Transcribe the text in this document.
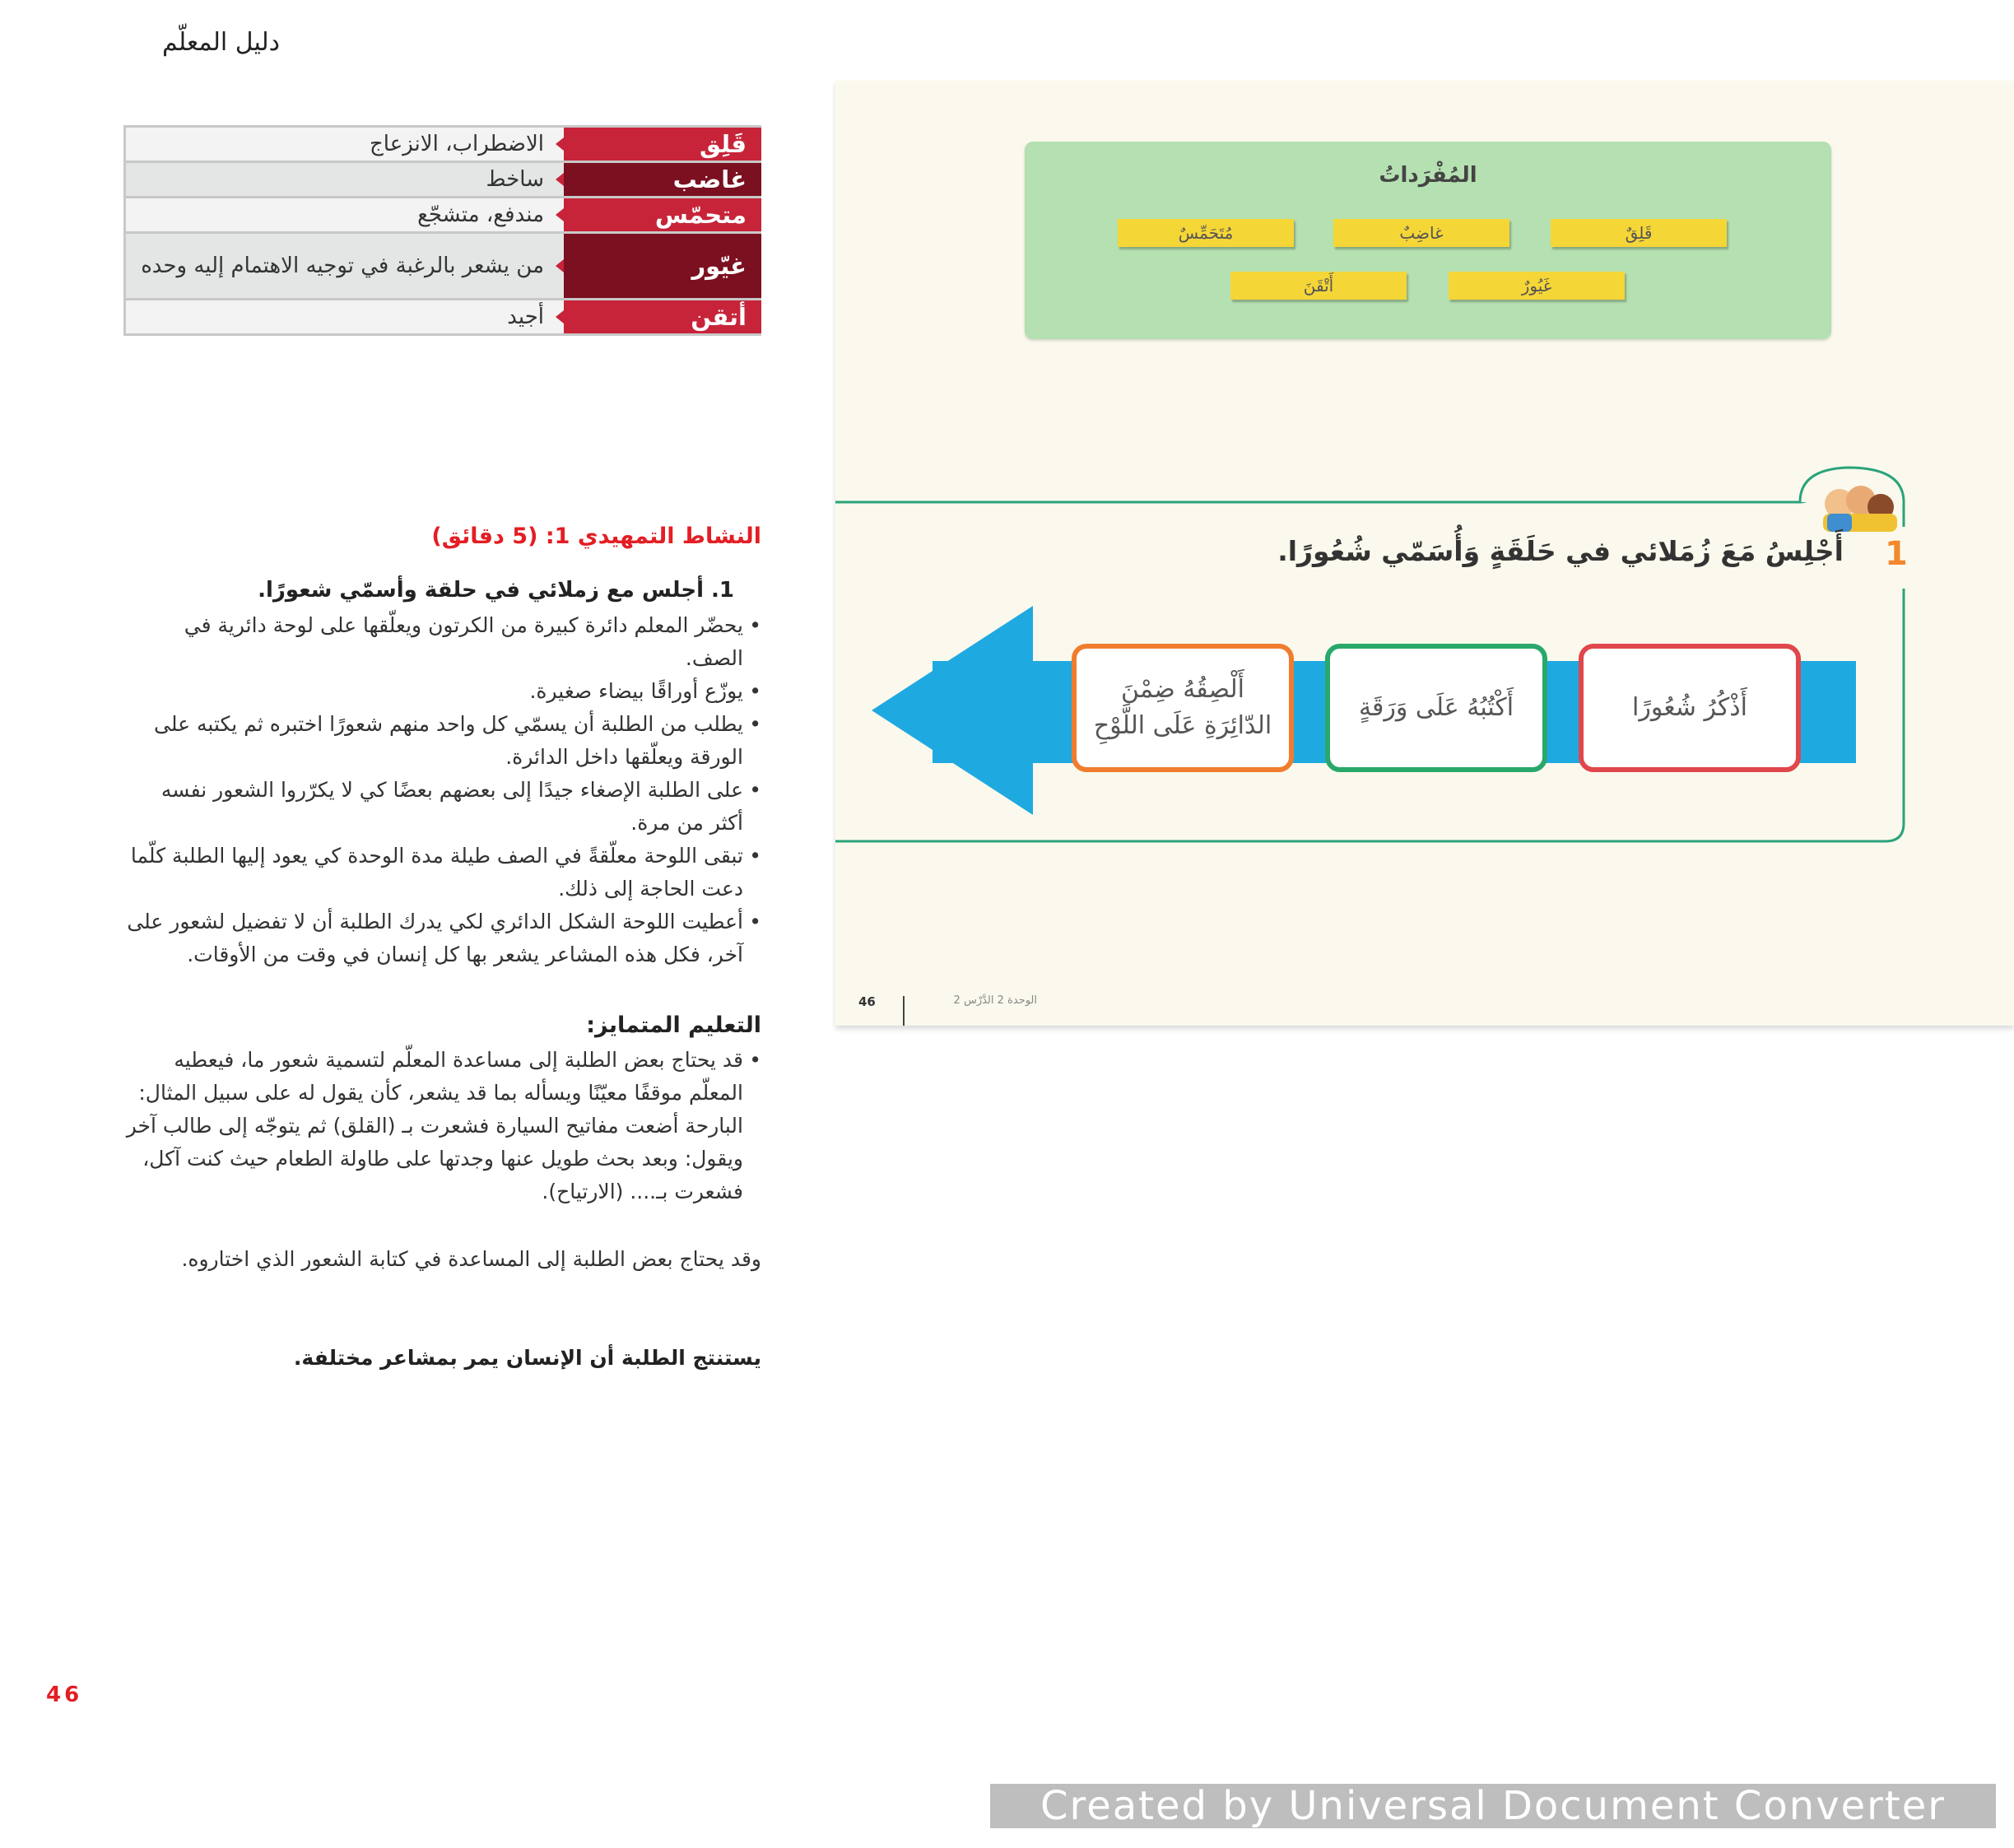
دليل المعلّم
قَلِق
الاضطراب، الانزعاج
غاضب
ساخط
متحمّس
مندفع، متشجّع
غيّور
من يشعر بالرغبة في توجيه الاهتمام إليه وحده
أتقن
أجيد
النشاط التمهيدي 1: (5 دقائق)
1. أجلس مع زملائي في حلقة وأسمّي شعورًا.

• يحضّر المعلم دائرة كبيرة من الكرتون ويعلّقها على لوحة دائرية في الصف.

• يوزّع أوراقًا بيضاء صغيرة.

• يطلب من الطلبة أن يسمّي كل واحد منهم شعورًا اختبره ثم يكتبه على الورقة ويعلّقها داخل الدائرة.

• على الطلبة الإصغاء جيدًا إلى بعضهم بعضًا كي لا يكرّروا الشعور نفسه أكثر من مرة.

• تبقى اللوحة معلّقةً في الصف طيلة مدة الوحدة كي يعود إليها الطلبة كلّما دعت الحاجة إلى ذلك.

• أعطيت اللوحة الشكل الدائري لكي يدرك الطلبة أن لا تفضيل لشعور على آخر، فكل هذه المشاعر يشعر بها كل إنسان في وقت من الأوقات.

التعليم المتمايز:

• قد يحتاج بعض الطلبة إلى مساعدة المعلّم لتسمية شعور ما، فيعطيه المعلّم موقفًا معيّنًا ويسأله بما قد يشعر، كأن يقول له على سبيل المثال: البارحة أضعت مفاتيح السيارة فشعرت بـ (القلق) ثم يتوجّه إلى طالب آخر ويقول: وبعد بحث طويل عنها وجدتها على طاولة الطعام حيث كنت آكل، فشعرت بـ.... (الارتياح).

وقد يحتاج بعض الطلبة إلى المساعدة في كتابة الشعور الذي اختاروه.
يستنتج الطلبة أن الإنسان يمر بمشاعر مختلفة.
46
المُفْرَداتُ
قَلِقٌ
غاضِبٌ
مُتَحَمِّسٌ
غَيُورٌ
أَتْقَنَ
1
أَجْلِسُ مَعَ زُمَلائي في حَلَقَةٍ وَأُسَمّي شُعُورًا.
أَذْكُرُ شُعُورًا
أَكْتُبُهُ عَلَى وَرَقَةٍ
أَلْصِقُهُ ضِمْنَ الدّائِرَةِ عَلَى اللَّوْحِ
46	الوحدة 2 الدَّرْس 2
Created by Universal Document Converter
